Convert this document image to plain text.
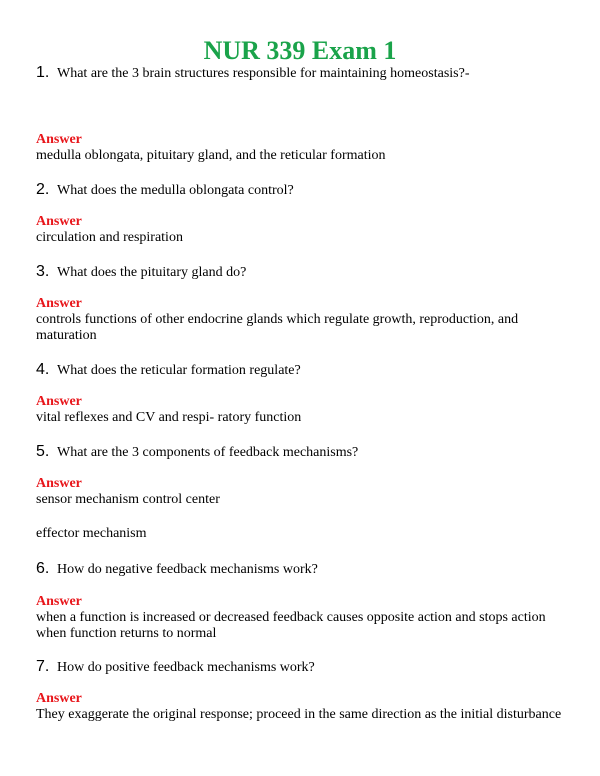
NUR 339 Exam 1
1. What are the 3 brain structures responsible for maintaining homeostasis?-
Answer
medulla oblongata, pituitary gland, and the reticular formation
2. What does the medulla oblongata control?
Answer
circulation and respiration
3. What does the pituitary gland do?
Answer
controls functions of other endocrine glands which regulate growth, reproduction, and maturation
4. What does the reticular formation regulate?
Answer
vital reflexes and CV and respi- ratory function
5. What are the 3 components of feedback mechanisms?
Answer
sensor mechanism control center
effector mechanism
6. How do negative feedback mechanisms work?
Answer
when a function is increased or decreased feedback causes opposite action and stops action when function returns to normal
7. How do positive feedback mechanisms work?
Answer
They exaggerate the original response; proceed in the same direction as the initial disturbance
